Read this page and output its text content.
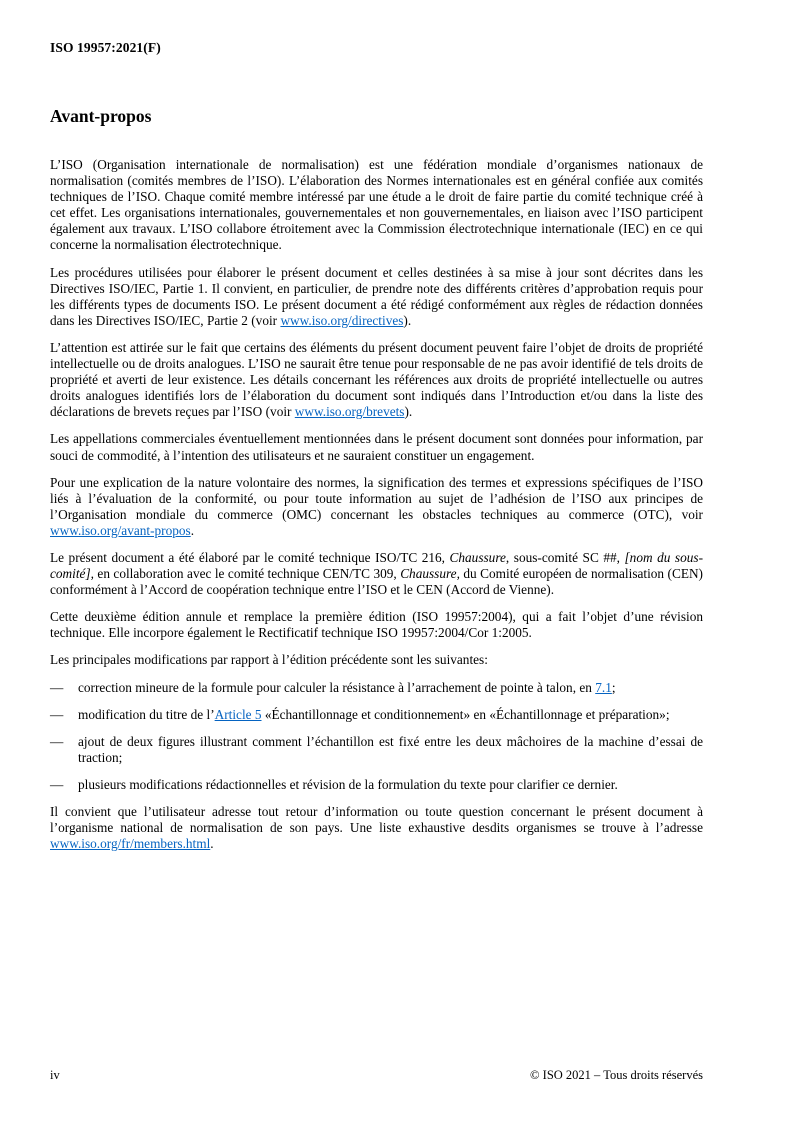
ISO 19957:2021(F)
Avant-propos

L’ISO (Organisation internationale de normalisation) est une fédération mondiale d’organismes nationaux de normalisation (comités membres de l’ISO). L’élaboration des Normes internationales est en général confiée aux comités techniques de l’ISO. Chaque comité membre intéressé par une étude a le droit de faire partie du comité technique créé à cet effet. Les organisations internationales, gouvernementales et non gouvernementales, en liaison avec l’ISO participent également aux travaux. L’ISO collabore étroitement avec la Commission électrotechnique internationale (IEC) en ce qui concerne la normalisation électrotechnique.

Les procédures utilisées pour élaborer le présent document et celles destinées à sa mise à jour sont décrites dans les Directives ISO/IEC, Partie 1. Il convient, en particulier, de prendre note des différents critères d’approbation requis pour les différents types de documents ISO. Le présent document a été rédigé conformément aux règles de rédaction données dans les Directives ISO/IEC, Partie 2 (voir www.iso.org/directives).

L’attention est attirée sur le fait que certains des éléments du présent document peuvent faire l’objet de droits de propriété intellectuelle ou de droits analogues. L’ISO ne saurait être tenue pour responsable de ne pas avoir identifié de tels droits de propriété et averti de leur existence. Les détails concernant les références aux droits de propriété intellectuelle ou autres droits analogues identifiés lors de l’élaboration du document sont indiqués dans l’Introduction et/ou dans la liste des déclarations de brevets reçues par l’ISO (voir www.iso.org/brevets).

Les appellations commerciales éventuellement mentionnées dans le présent document sont données pour information, par souci de commodité, à l’intention des utilisateurs et ne sauraient constituer un engagement.

Pour une explication de la nature volontaire des normes, la signification des termes et expressions spécifiques de l’ISO liés à l’évaluation de la conformité, ou pour toute information au sujet de l’adhésion de l’ISO aux principes de l’Organisation mondiale du commerce (OMC) concernant les obstacles techniques au commerce (OTC), voir www.iso.org/avant-propos.

Le présent document a été élaboré par le comité technique ISO/TC 216, Chaussure, sous-comité SC ##, [nom du sous-comité], en collaboration avec le comité technique CEN/TC 309, Chaussure, du Comité européen de normalisation (CEN) conformément à l’Accord de coopération technique entre l’ISO et le CEN (Accord de Vienne).

Cette deuxième édition annule et remplace la première édition (ISO 19957:2004), qui a fait l’objet d’une révision technique. Elle incorpore également le Rectificatif technique ISO 19957:2004/Cor 1:2005.

Les principales modifications par rapport à l’édition précédente sont les suivantes:

— correction mineure de la formule pour calculer la résistance à l’arrachement de pointe à talon, en 7.1;

— modification du titre de l’Article 5 «Échantillonnage et conditionnement» en «Échantillonnage et préparation»;

— ajout de deux figures illustrant comment l’échantillon est fixé entre les deux mâchoires de la machine d’essai de traction;

— plusieurs modifications rédactionnelles et révision de la formulation du texte pour clarifier ce dernier.

Il convient que l’utilisateur adresse tout retour d’information ou toute question concernant le présent document à l’organisme national de normalisation de son pays. Une liste exhaustive desdits organismes se trouve à l’adresse www.iso.org/fr/members.html.

iv	© ISO 2021 – Tous droits réservés
